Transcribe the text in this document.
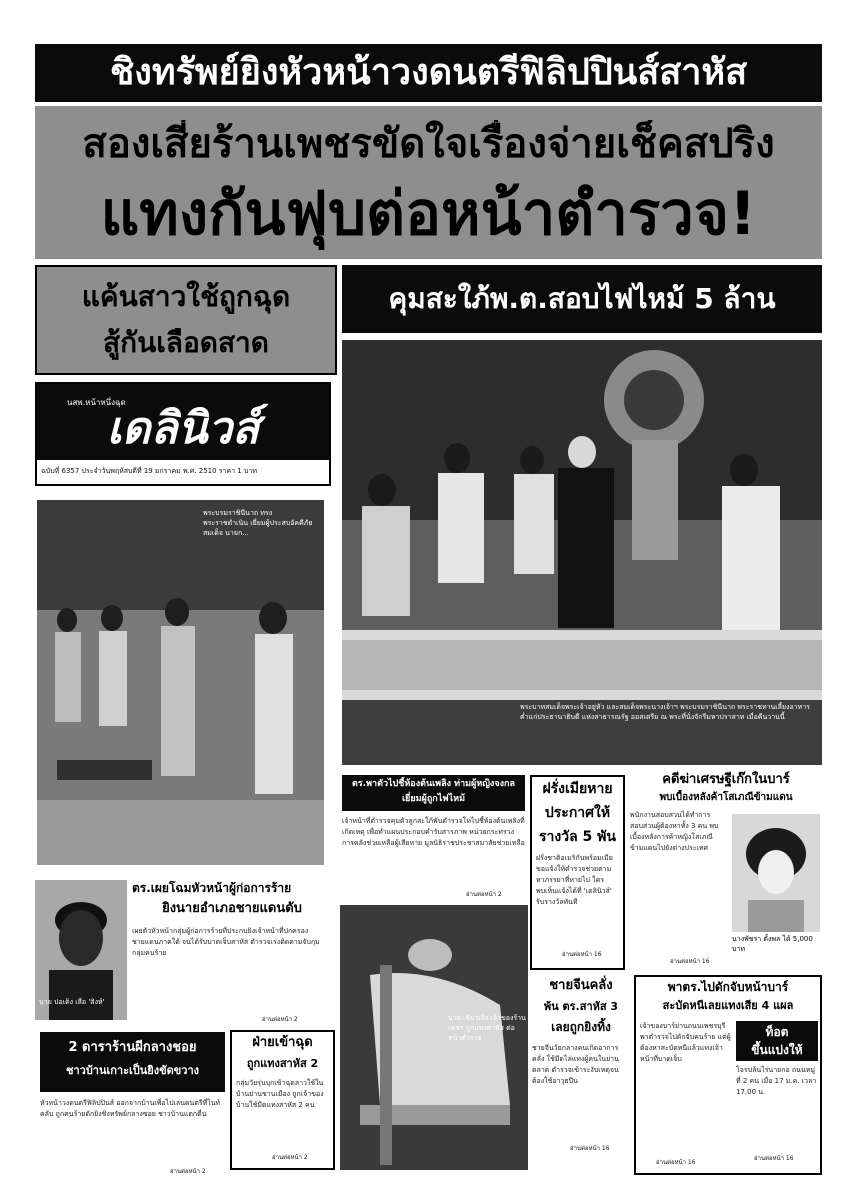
ชิงทรัพย์ยิงหัวหน้าวงดนตรีฟิลิปปินส์สาหัส
สองเสี่ยร้านเพชรขัดใจเรื่องจ่ายเช็คสปริง
แทงกันฟุบต่อหน้าตำรวจ!
แค้นสาวใช้ถูกฉุด
สู้กันเลือดสาด
คุมสะใภ้พ.ต.สอบไฟไหม้ 5 ล้าน
นสพ.หน้าหนึ่งฉุด
เดลินิวส์
ฉบับที่ 6357 ประจำวันพฤหัสบดีที่ 19 มกราคม พ.ศ. 2510 ราคา 1 บาท
พระบรมราชินีนาถ ทรงพระราชดำเนิน เยี่ยมผู้ประสบอัคคีภัย สมเด็จ นายก...
พระบาทสมเด็จพระเจ้าอยู่หัว และสมเด็จพระนางเจ้าฯ พระบรมราชินีนาถ พระราชทานเลี้ยงอาหารค่ำแก่ประธานาธิบดี แห่งสาธารณรัฐ ออสเตรีย ณ พระที่นั่งจักรีมหาปราสาท เมื่อคืนวานนี้
ตร.พาตัวไปชี้ห้องต้นเพลิง ท่ามผู้หญิงจงกลเยี่ยมผู้ถูกไฟไหม้
เจ้าหน้าที่ตำรวจคุมตัวลูกสะใภ้พันตำรวจโทไปชี้ห้องต้นเพลิงที่เกิดเหตุ เพื่อทำแผนประกอบคำรับสารภาพ หน่วยกระทรวงการคลังช่วยเหลือผู้เสียหาย มูลนิธิราชประชาสมาสัยช่วยเหลือ
อ่านต่อหน้า 2
ฝรั่งเมียหาย
ประกาศให้
รางวัล 5 พัน
ฝรั่งชาติอเมริกันพร้อมเมียขอแจ้งให้ตำรวจช่วยตามหาภรรยาที่หายไป ใครพบเห็นแจ้งได้ที่ 'เดลินิวส์' รับรางวัลทันที
อ่านต่อหน้า 16
คดีฆ่าเศรษฐีเก๊กในบาร์
พบเบื้องหลังค้าโสเภณีข้ามแดน
พนักงานสอบสวนได้ทำการสอบสวนผู้ต้องหาทั้ง 3 คน พบเบื้องหลังการค้าหญิงโสเภณีข้ามแดนไปยังต่างประเทศ
นางพัชรา ตั้งพล ได้ 5,000 บาท
อ่านต่อหน้า 16
นาย ปอเต็ง เสือ 'สิงห์'
ตร.เผยโฉมหัวหน้าผู้ก่อการร้าย
ยิงนายอำเภอชายแดนดับ
เผยตัวหัวหน้ากลุ่มผู้ก่อการร้ายที่ประกบยิงเจ้าหน้าที่ปกครองชายแดนภาคใต้ จนได้รับบาดเจ็บสาหัส ตำรวจเร่งติดตามจับกุมกลุ่มคนร้าย
อ่านต่อหน้า 2	นาย เชียวเลิง เจ้าของร้านเพชร ถูกแทงสาหัส ต่อหน้าตำรวจ
ชายจีนคลั่ง
พ้น ตร.สาหัส 3
เลยถูกยิงทิ้ง
ชายจีนวัยกลางคนเกิดอาการคลั่ง ใช้มีดไล่แทงผู้คนในย่านตลาด ตำรวจเข้าระงับเหตุจนต้องใช้อาวุธปืน
อ่านต่อหน้า 16
พาตร.ไปดักจับหน้าบาร์
สะบัดหนีเลยแทงเสีย 4 แผล
เจ้าของบาร์ย่านถนนเพชรบุรีพาตำรวจไปดักจับคนร้าย แต่ผู้ต้องหาสะบัดหนีแล้วแทงเจ้าหน้าที่บาดเจ็บ
ท็อต
ขึ้นแบ่งให้
โจรปล้นไร่นายกอ ถนนหมู่ที่ 2 คน เมื่อ 17 ม.ค. เวลา 17.00 น.
อ่านต่อหน้า 16
อ่านต่อหน้า 16
2 ดาราร้านผีกลางชอย
ชาวบ้านเกาะเป็นยิงขัดขวาง
หัวหน้าวงดนตรีฟิลิปปินส์ ออกจากบ้านเพื่อไปเล่นดนตรีที่ไนท์คลับ ถูกคนร้ายดักยิงชิงทรัพย์กลางซอย ชาวบ้านแตกตื่น
อ่านต่อหน้า 2
ฝ่ายเข้าฉุด
ถูกแทงสาหัส 2
กลุ่มวัยรุ่นบุกเข้าฉุดสาวใช้ในบ้านย่านชานเมือง ถูกเจ้าของบ้านใช้มีดแทงสาหัส 2 คน
อ่านต่อหน้า 2
